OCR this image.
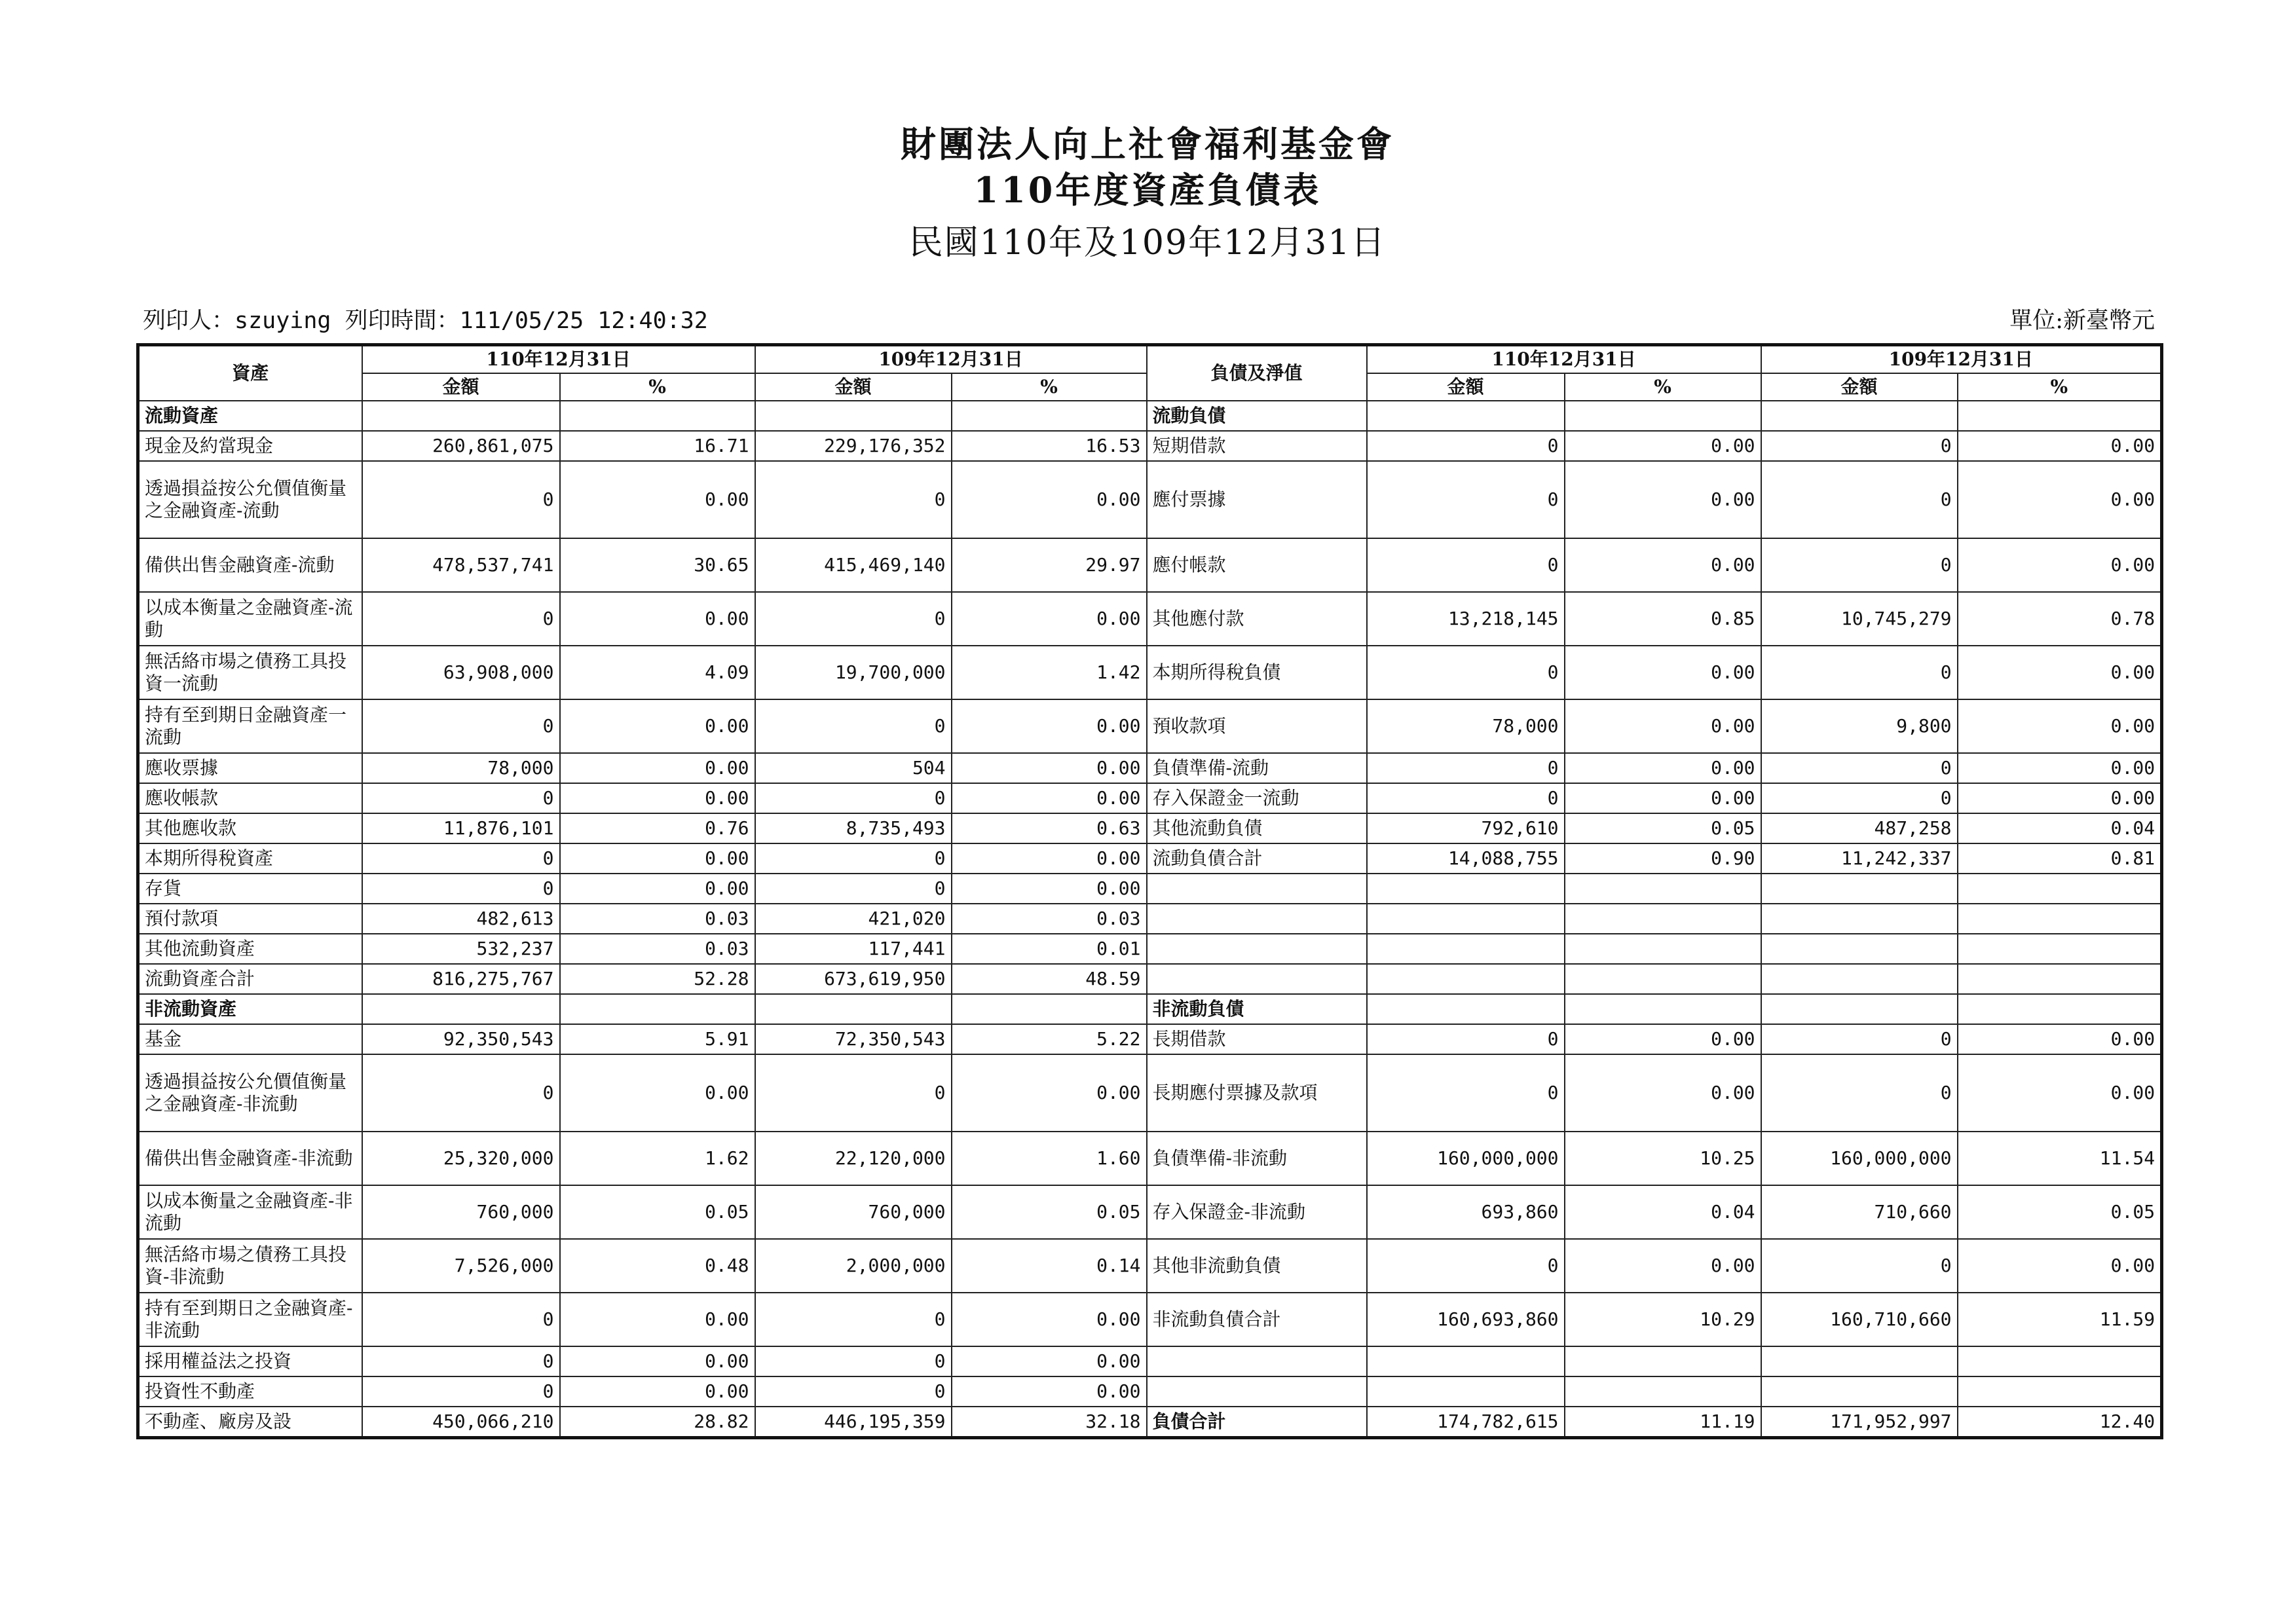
財團法人向上社會福利基金會
110年度資產負債表
民國110年及109年12月31日
列印人：szuying 列印時間：111/05/25 12:40:32	單位:新臺幣元
資產	110年12月31日		109年12月31日		負債及淨值	110年12月31日		109年12月31日	
	金額	%	金額	%		金額	%	金額	%
流動資產					流動負債				
現金及約當現金	260,861,075	16.71	229,176,352	16.53	短期借款	0	0.00	0	0.00
透過損益按公允價值衡量之金融資產-流動	0	0.00	0	0.00	應付票據	0	0.00	0	0.00
備供出售金融資產-流動	478,537,741	30.65	415,469,140	29.97	應付帳款	0	0.00	0	0.00
以成本衡量之金融資產-流動	0	0.00	0	0.00	其他應付款	13,218,145	0.85	10,745,279	0.78
無活絡市場之債務工具投資一流動	63,908,000	4.09	19,700,000	1.42	本期所得稅負債	0	0.00	0	0.00
持有至到期日金融資產一流動	0	0.00	0	0.00	預收款項	78,000	0.00	9,800	0.00
應收票據	78,000	0.00	504	0.00	負債準備-流動	0	0.00	0	0.00
應收帳款	0	0.00	0	0.00	存入保證金一流動	0	0.00	0	0.00
其他應收款	11,876,101	0.76	8,735,493	0.63	其他流動負債	792,610	0.05	487,258	0.04
本期所得稅資產	0	0.00	0	0.00	流動負債合計	14,088,755	0.90	11,242,337	0.81
存貨	0	0.00	0	0.00					
預付款項	482,613	0.03	421,020	0.03					
其他流動資產	532,237	0.03	117,441	0.01					
流動資產合計	816,275,767	52.28	673,619,950	48.59					
非流動資產					非流動負債				
基金	92,350,543	5.91	72,350,543	5.22	長期借款	0	0.00	0	0.00
透過損益按公允價值衡量之金融資產-非流動	0	0.00	0	0.00	長期應付票據及款項	0	0.00	0	0.00
備供出售金融資產-非流動	25,320,000	1.62	22,120,000	1.60	負債準備-非流動	160,000,000	10.25	160,000,000	11.54
以成本衡量之金融資產-非流動	760,000	0.05	760,000	0.05	存入保證金-非流動	693,860	0.04	710,660	0.05
無活絡市場之債務工具投資-非流動	7,526,000	0.48	2,000,000	0.14	其他非流動負債	0	0.00	0	0.00
持有至到期日之金融資產-非流動	0	0.00	0	0.00	非流動負債合計	160,693,860	10.29	160,710,660	11.59
採用權益法之投資	0	0.00	0	0.00					
投資性不動產	0	0.00	0	0.00					
不動產、廠房及設	450,066,210	28.82	446,195,359	32.18	負債合計	174,782,615	11.19	171,952,997	12.40
